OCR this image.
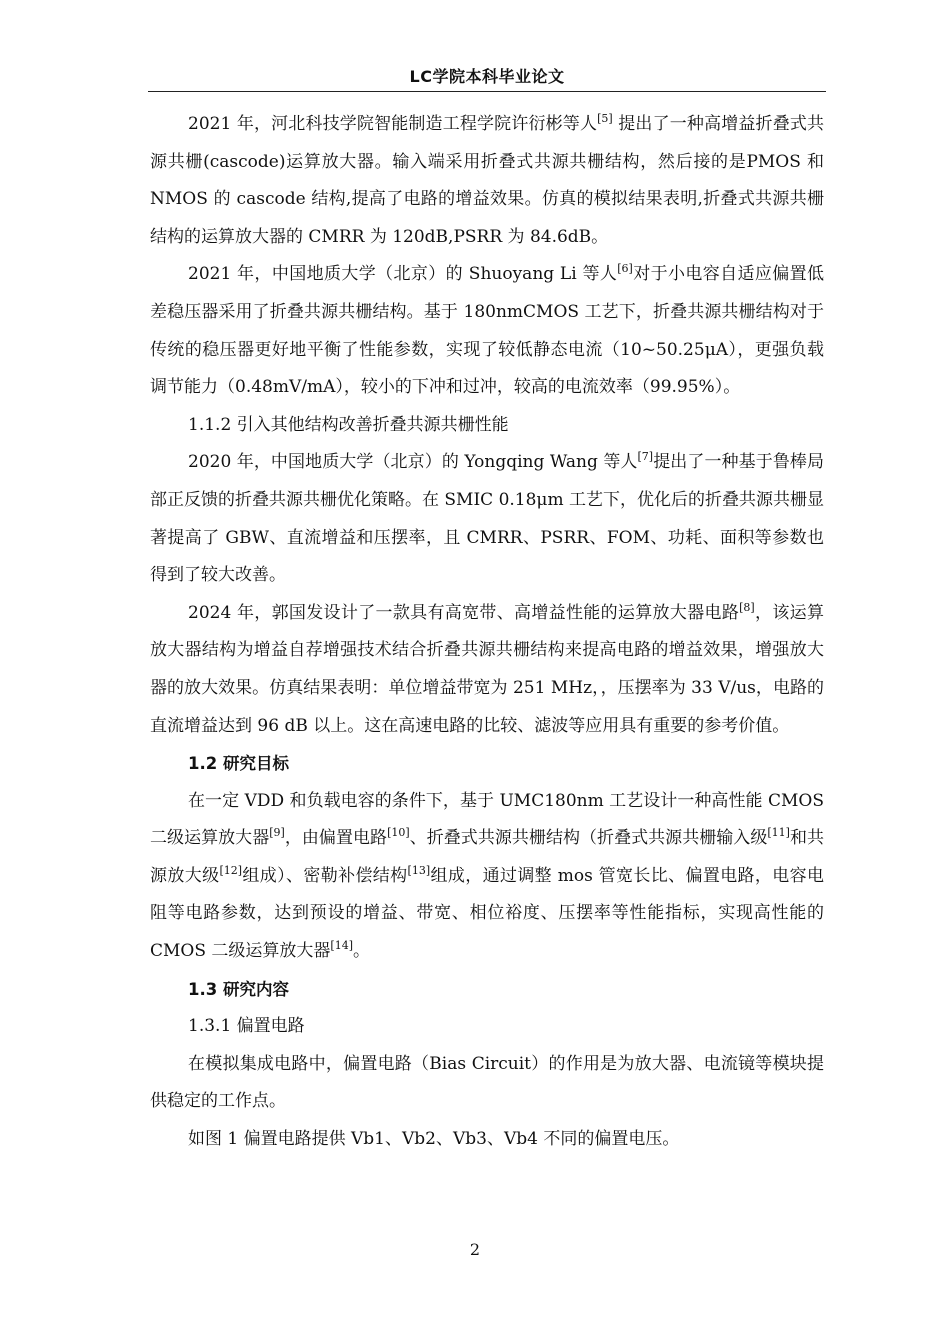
LC学院本科毕业论文

2021 年，河北科技学院智能制造工程学院许衍彬等人[5] 提出了一种高增益折叠式共源共栅(cascode)运算放大器。输入端采用折叠式共源共栅结构，然后接的是PMOS 和 NMOS 的 cascode 结构,提高了电路的增益效果。仿真的模拟结果表明,折叠式共源共栅结构的运算放大器的 CMRR 为 120dB,PSRR 为 84.6dB。

2021 年，中国地质大学（北京）的 Shuoyang Li 等人[6]对于小电容自适应偏置低差稳压器采用了折叠共源共栅结构。基于 180nmCMOS 工艺下，折叠共源共栅结构对于传统的稳压器更好地平衡了性能参数，实现了较低静态电流（10~50.25μA），更强负载调节能力（0.48mV/mA），较小的下冲和过冲，较高的电流效率（99.95%）。

1.1.2 引入其他结构改善折叠共源共栅性能

2020 年，中国地质大学（北京）的 Yongqing Wang 等人[7]提出了一种基于鲁棒局部正反馈的折叠共源共栅优化策略。在 SMIC 0.18μm 工艺下，优化后的折叠共源共栅显著提高了 GBW、直流增益和压摆率，且 CMRR、PSRR、FOM、功耗、面积等参数也得到了较大改善。

2024 年，郭国发设计了一款具有高宽带、高增益性能的运算放大器电路[8]，该运算放大器结构为增益自荐增强技术结合折叠共源共栅结构来提高电路的增益效果，增强放大器的放大效果。仿真结果表明：单位增益带宽为 251 MHz，，压摆率为 33 V/us，电路的直流增益达到 96 dB 以上。这在高速电路的比较、滤波等应用具有重要的参考价值。

1.2 研究目标

在一定 VDD 和负载电容的条件下，基于 UMC180nm 工艺设计一种高性能 CMOS 二级运算放大器[9]，由偏置电路[10]、折叠式共源共栅结构（折叠式共源共栅输入级[11]和共源放大级[12]组成）、密勒补偿结构[13]组成，通过调整 mos 管宽长比、偏置电路，电容电阻等电路参数，达到预设的增益、带宽、相位裕度、压摆率等性能指标，实现高性能的 CMOS 二级运算放大器[14]。

1.3 研究内容

1.3.1 偏置电路

在模拟集成电路中，偏置电路（Bias Circuit）的作用是为放大器、电流镜等模块提供稳定的工作点。

如图 1 偏置电路提供 Vb1、Vb2、Vb3、Vb4 不同的偏置电压。

2
